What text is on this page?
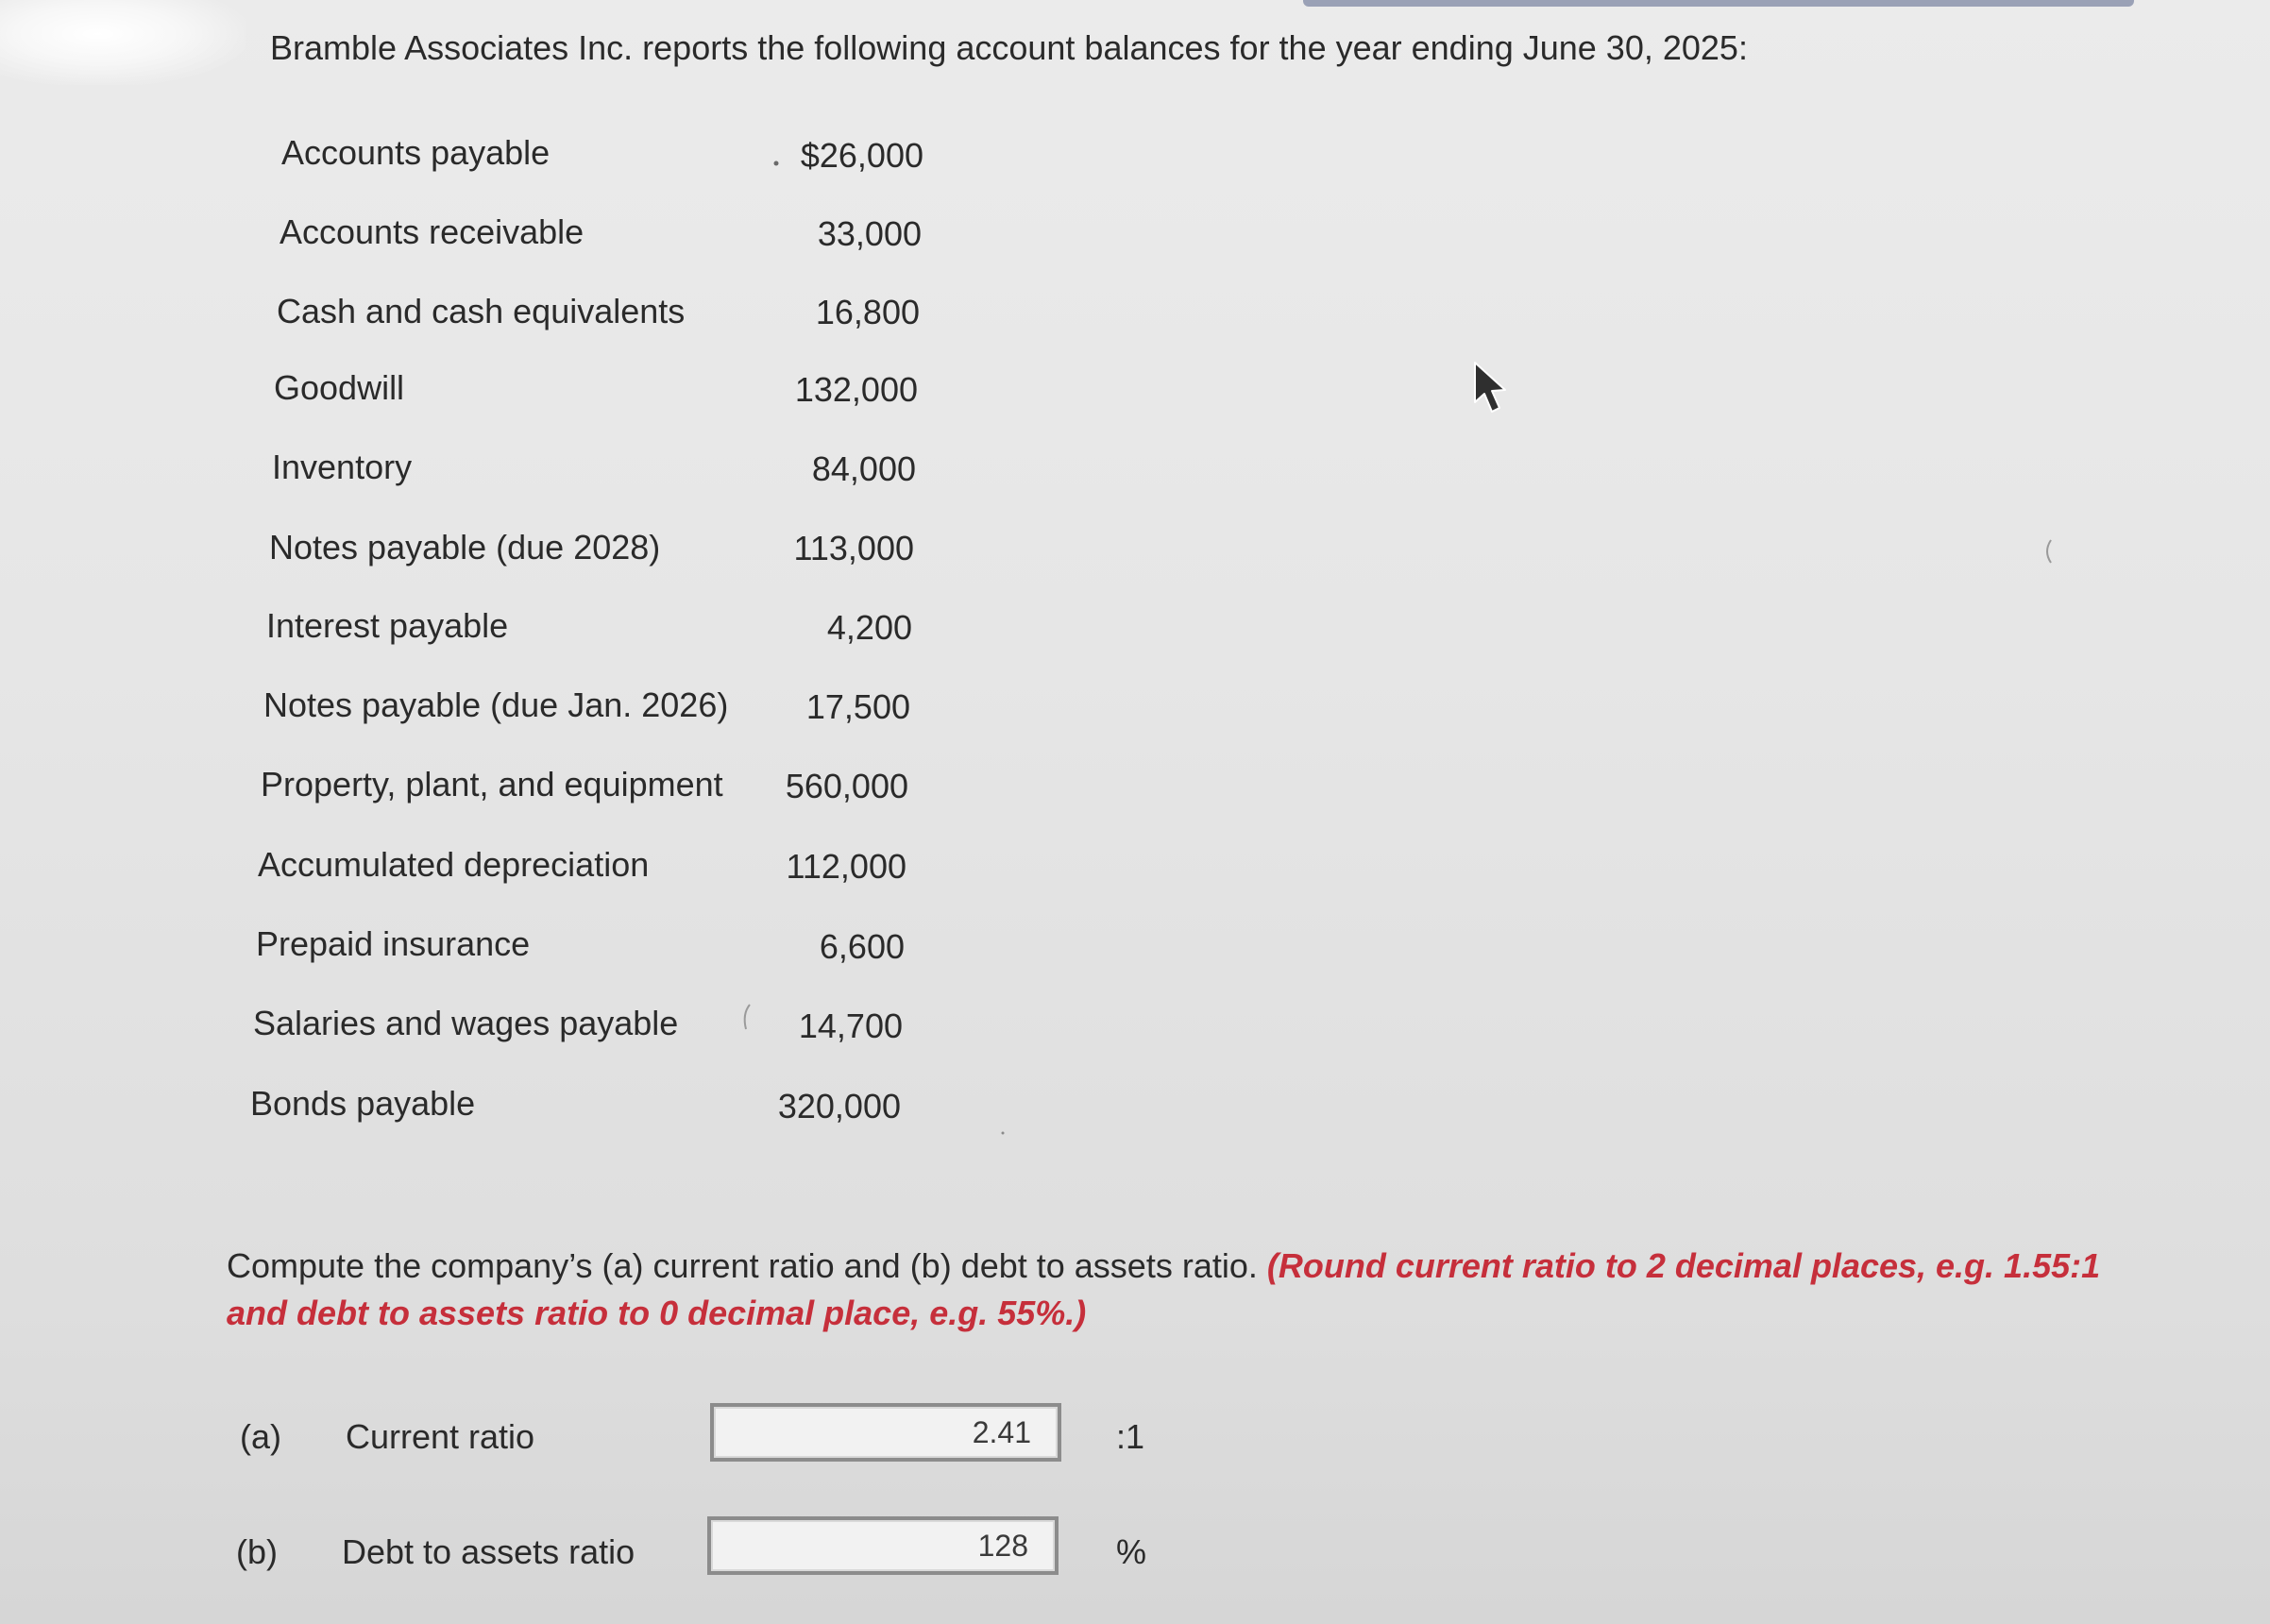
Bramble Associates Inc. reports the following account balances for the year ending June 30, 2025:
Accounts payable	$26,000
Accounts receivable	33,000
Cash and cash equivalents	16,800
Goodwill	132,000
Inventory	84,000
Notes payable (due 2028)	113,000
Interest payable	4,200
Notes payable (due Jan. 2026)	17,500
Property, plant, and equipment	560,000
Accumulated depreciation	112,000
Prepaid insurance	6,600
Salaries and wages payable	14,700
Bonds payable	320,000
Compute the company’s (a) current ratio and (b) debt to assets ratio. (Round current ratio to 2 decimal places, e.g. 1.55:1 and debt to assets ratio to 0 decimal place, e.g. 55%.)
(a) Current ratio	2.41	:1
(b) Debt to assets ratio	128	%
